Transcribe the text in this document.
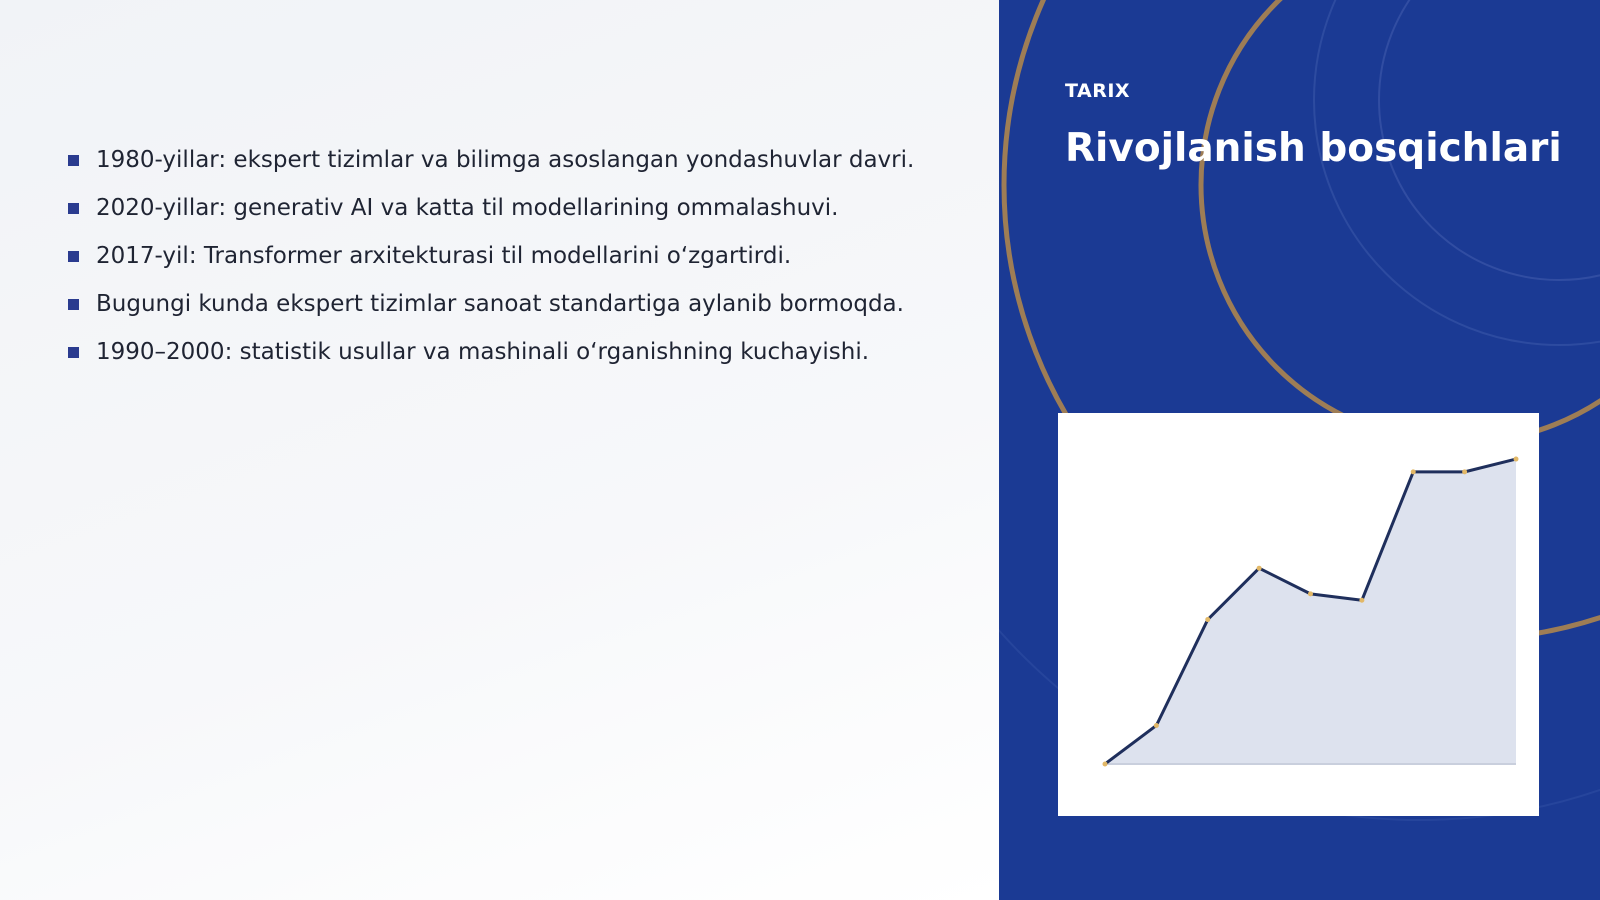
1980-yillar: ekspert tizimlar va bilimga asoslangan yondashuvlar davri.
2020-yillar: generativ AI va katta til modellarining ommalashuvi.
2017-yil: Transformer arxitekturasi til modellarini o‘zgartirdi.
Bugungi kunda ekspert tizimlar sanoat standartiga aylanib bormoqda.
1990–2000: statistik usullar va mashinali o‘rganishning kuchayishi.
TARIX
Rivojlanish bosqichlari
